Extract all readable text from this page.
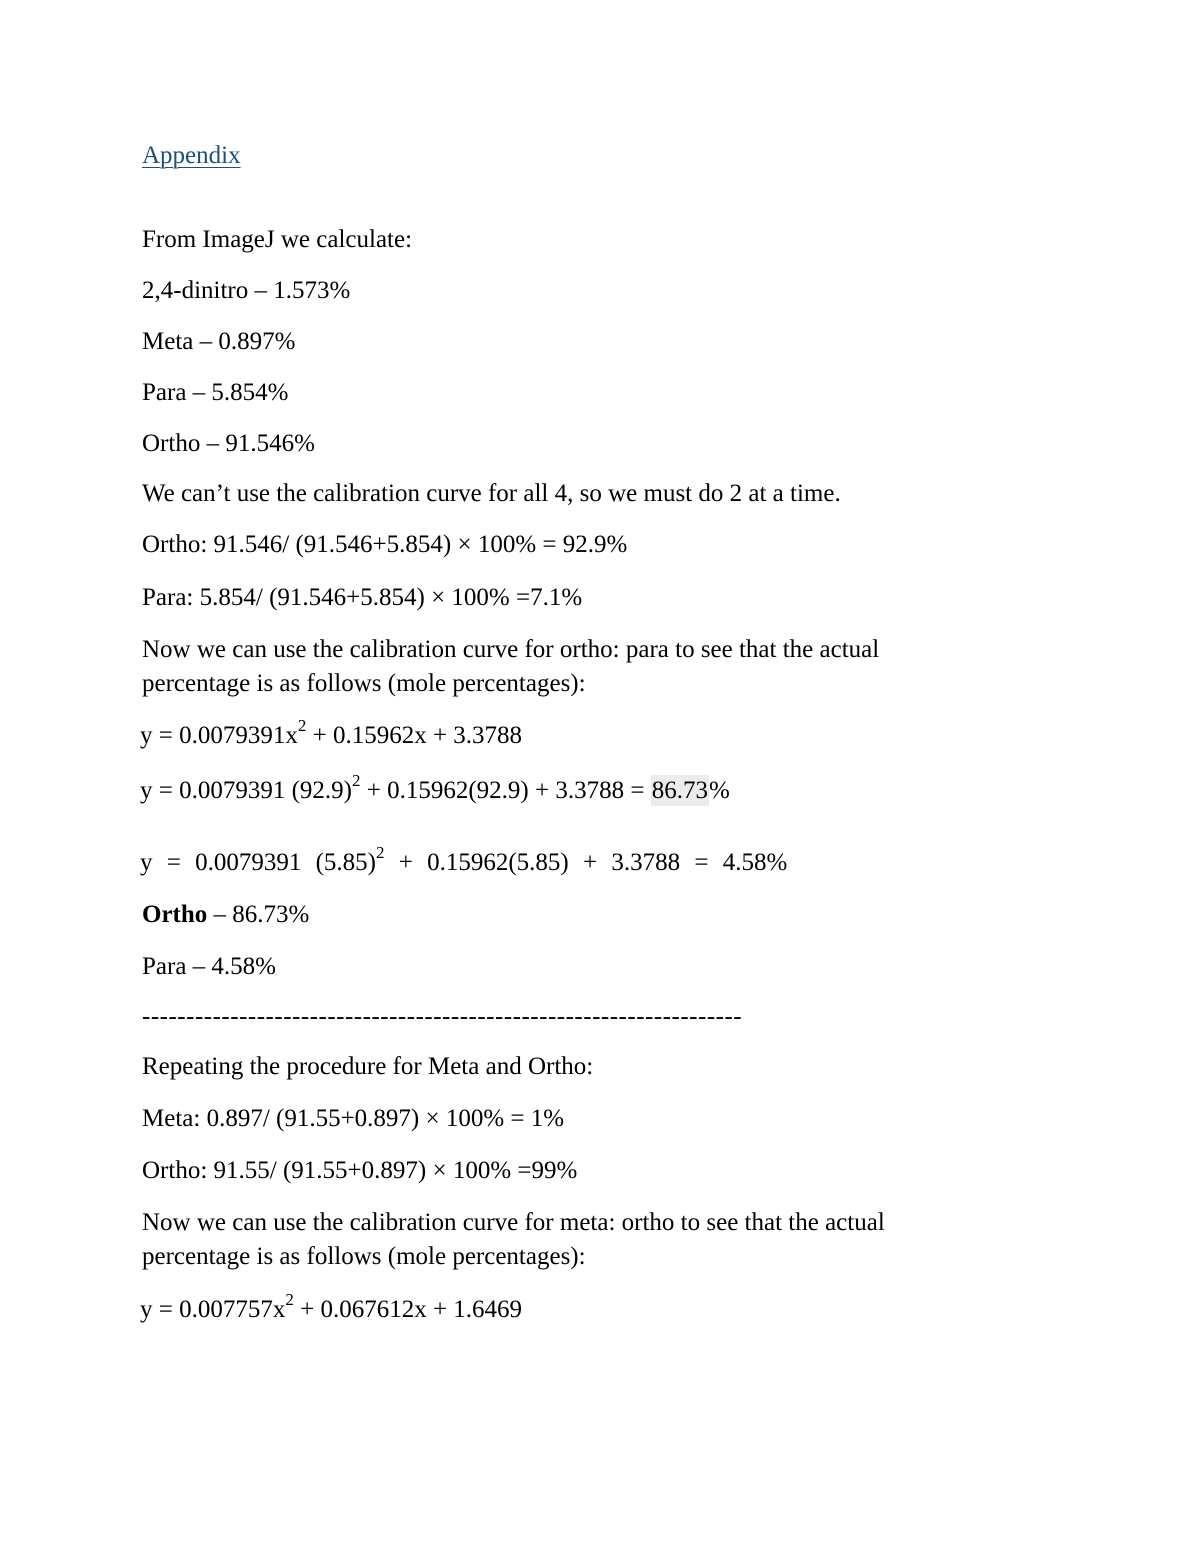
Appendix
From ImageJ we calculate:
2,4-dinitro – 1.573%
Meta – 0.897%
Para – 5.854%
Ortho – 91.546%
We can’t use the calibration curve for all 4, so we must do 2 at a time.
Ortho: 91.546/ (91.546+5.854) × 100% = 92.9%
Para: 5.854/ (91.546+5.854) × 100% =7.1%
Now we can use the calibration curve for ortho: para to see that the actual
percentage is as follows (mole percentages):
$y = 0.0079391x^2 + 0.15962x + 3.3788$
y = 0.0079391 $(92.9)^2 + 0.15962(92.9) + 3.3788 = 86.73\%$
y = 0.0079391 $(5.85)^2 + 0.15962(5.85) + 3.3788 = 4.58\%$
Ortho – 86.73%
Para – 4.58%
--------------------------------------------------------------------
Repeating the procedure for Meta and Ortho:
Meta: 0.897/ (91.55+0.897) × 100% = 1%
Ortho: 91.55/ (91.55+0.897) × 100% =99%
Now we can use the calibration curve for meta: ortho to see that the actual
percentage is as follows (mole percentages):
$y = 0.007757x^2 + 0.067612x + 1.6469$
